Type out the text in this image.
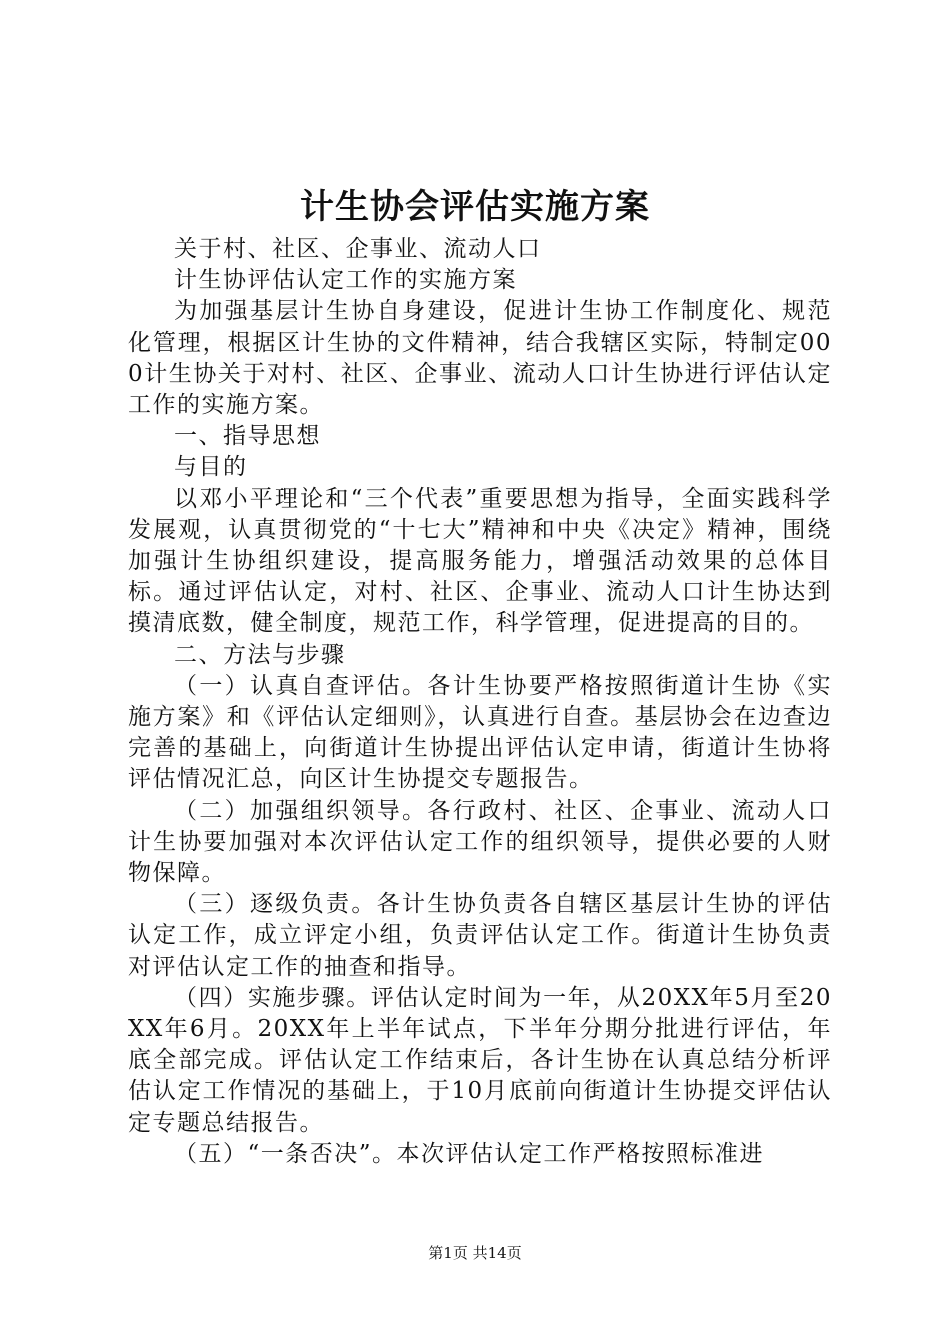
计生协会评估实施方案

关于村、社区、企事业、流动人口

计生协评估认定工作的实施方案

为加强基层计生协自身建设，促进计生协工作制度化、规范化管理，根据区计生协的文件精神，结合我辖区实际，特制定000计生协关于对村、社区、企事业、流动人口计生协进行评估认定工作的实施方案。

一、指导思想

与目的

以邓小平理论和“三个代表”重要思想为指导，全面实践科学发展观，认真贯彻党的“十七大”精神和中央《决定》精神，围绕加强计生协组织建设，提高服务能力，增强活动效果的总体目标。通过评估认定，对村、社区、企事业、流动人口计生协达到摸清底数，健全制度，规范工作，科学管理，促进提高的目的。

二、方法与步骤

（一）认真自查评估。各计生协要严格按照街道计生协《实施方案》和《评估认定细则》，认真进行自查。基层协会在边查边完善的基础上，向街道计生协提出评估认定申请，街道计生协将评估情况汇总，向区计生协提交专题报告。

（二）加强组织领导。各行政村、社区、企事业、流动人口计生协要加强对本次评估认定工作的组织领导，提供必要的人财物保障。

（三）逐级负责。各计生协负责各自辖区基层计生协的评估认定工作，成立评定小组，负责评估认定工作。街道计生协负责对评估认定工作的抽查和指导。

（四）实施步骤。评估认定时间为一年，从20XX年5月至20XX年6月。20XX年上半年试点，下半年分期分批进行评估，年底全部完成。评估认定工作结束后，各计生协在认真总结分析评估认定工作情况的基础上，于10月底前向街道计生协提交评估认定专题总结报告。

（五）“一条否决”。本次评估认定工作严格按照标准进

第1页 共14页
